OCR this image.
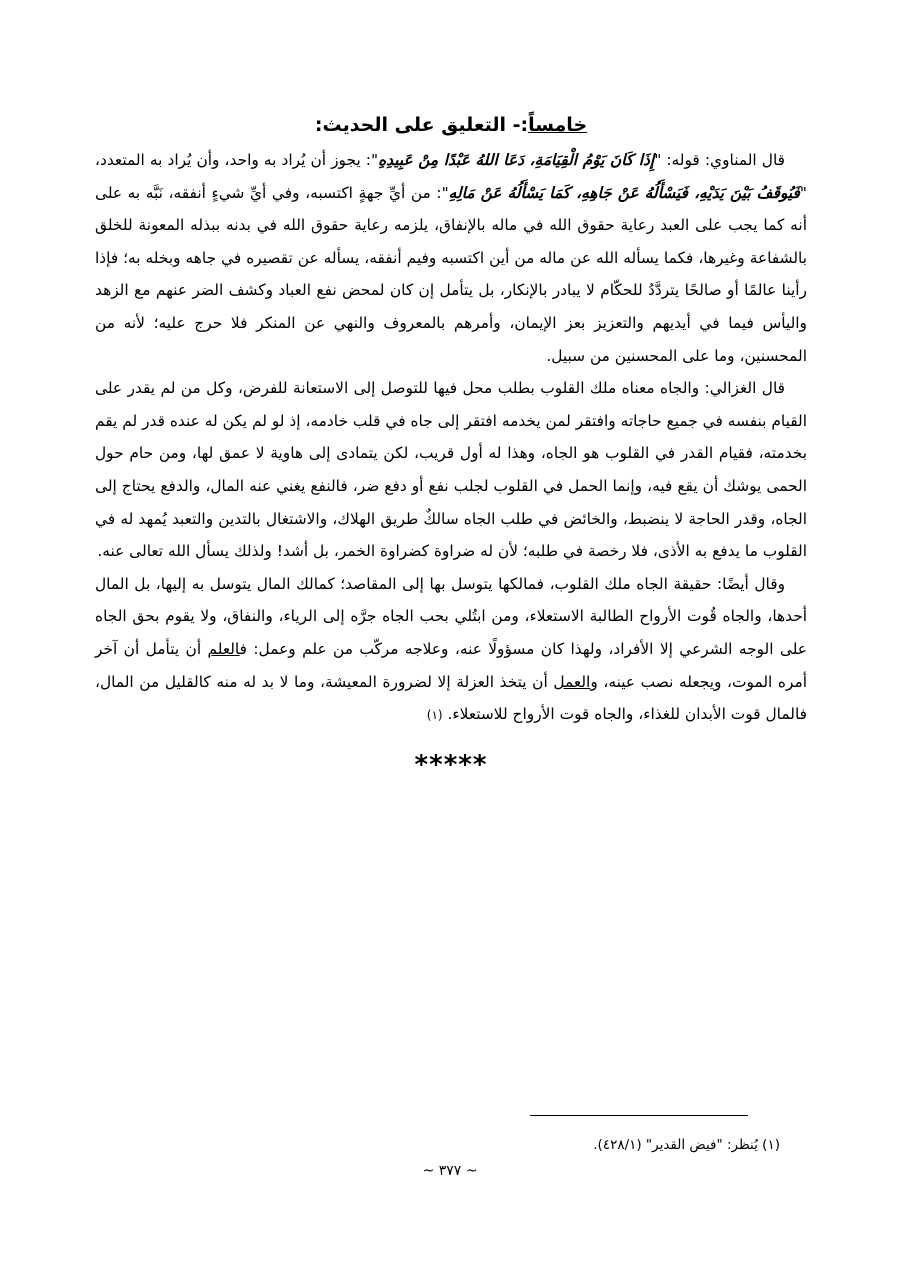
خامساً:- التعليق على الحديث:

قال المناوي: قوله: "إِذَا كَانَ يَوْمُ الْقِيَامَةِ، دَعَا اللهُ عَبْدًا مِنْ عَبِيدِهِ": يجوز أن يُراد به واحد، وأن يُراد به المتعدد، "فَيُوقَفُ بَيْنَ يَدَيْهِ، فَيَسْأَلُهُ عَنْ جَاهِهِ، كَمَا يَسْأَلُهُ عَنْ مَالِهِ": من أيِّ جهةٍ اكتسبه، وفي أيِّ شيءٍ أنفقه، نَبَّه به على أنه كما يجب على العبد رعاية حقوق الله في ماله بالإنفاق، يلزمه رعاية حقوق الله في بدنه ببذله المعونة للخلق بالشفاعة وغيرها، فكما يسأله الله عن ماله من أين اكتسبه وفيم أنفقه، يسأله عن تقصيره في جاهه وبخله به؛ فإذا رأينا عالمًا أو صالحًا يتردَّدُ للحكّام لا يبادر بالإنكار، بل يتأمل إن كان لمحض نفع العباد وكشف الضر عنهم مع الزهد واليأس فيما في أيديهم والتعزيز بعز الإيمان، وأمرهم بالمعروف والنهي عن المنكر فلا حرج عليه؛ لأنه من المحسنين، وما على المحسنين من سبيل.

قال الغزالي: والجاه معناه ملك القلوب بطلب محل فيها للتوصل إلى الاستعانة للفرض، وكل من لم يقدر على القيام بنفسه في جميع حاجاته وافتقر لمن يخدمه افتقر إلى جاه في قلب خادمه، إذ لو لم يكن له عنده قدر لم يقم بخدمته، فقيام القدر في القلوب هو الجاه، وهذا له أول قريب، لكن يتمادى إلى هاوية لا عمق لها، ومن حام حول الحمى يوشك أن يقع فيه، وإنما الحمل في القلوب لجلب نفع أو دفع ضر، فالنفع يغني عنه المال، والدفع يحتاج إلى الجاه، وقدر الحاجة لا ينضبط، والخائض في طلب الجاه سالكٌ طريق الهلاك، والاشتغال بالتدين والتعبد يُمهد له في القلوب ما يدفع به الأذى، فلا رخصة في طلبه؛ لأن له ضراوة كضراوة الخمر، بل أشد! ولذلك يسأل الله تعالى عنه.

وقال أيضًا: حقيقة الجاه ملك القلوب، فمالكها يتوسل بها إلى المقاصد؛ كمالك المال يتوسل به إليها، بل المال أحدها، والجاه قُوت الأرواح الطالبة الاستعلاء، ومن ابتُلي بحب الجاه جرَّه إلى الرياء، والنفاق، ولا يقوم بحق الجاه على الوجه الشرعي إلا الأفراد، ولهذا كان مسؤولًا عنه، وعلاجه مركّب من علم وعمل: فالعلم أن يتأمل أن آخر أمره الموت، ويجعله نصب عينه، والعمل أن يتخذ العزلة إلا لضرورة المعيشة، وما لا بد له منه كالقليل من المال، فالمال قوت الأبدان للغذاء، والجاه قوت الأرواح للاستعلاء. (١)

*****
(١) يُنظر: "فيض القدير" (٤٢٨/١).
~ ٣٧٧ ~
